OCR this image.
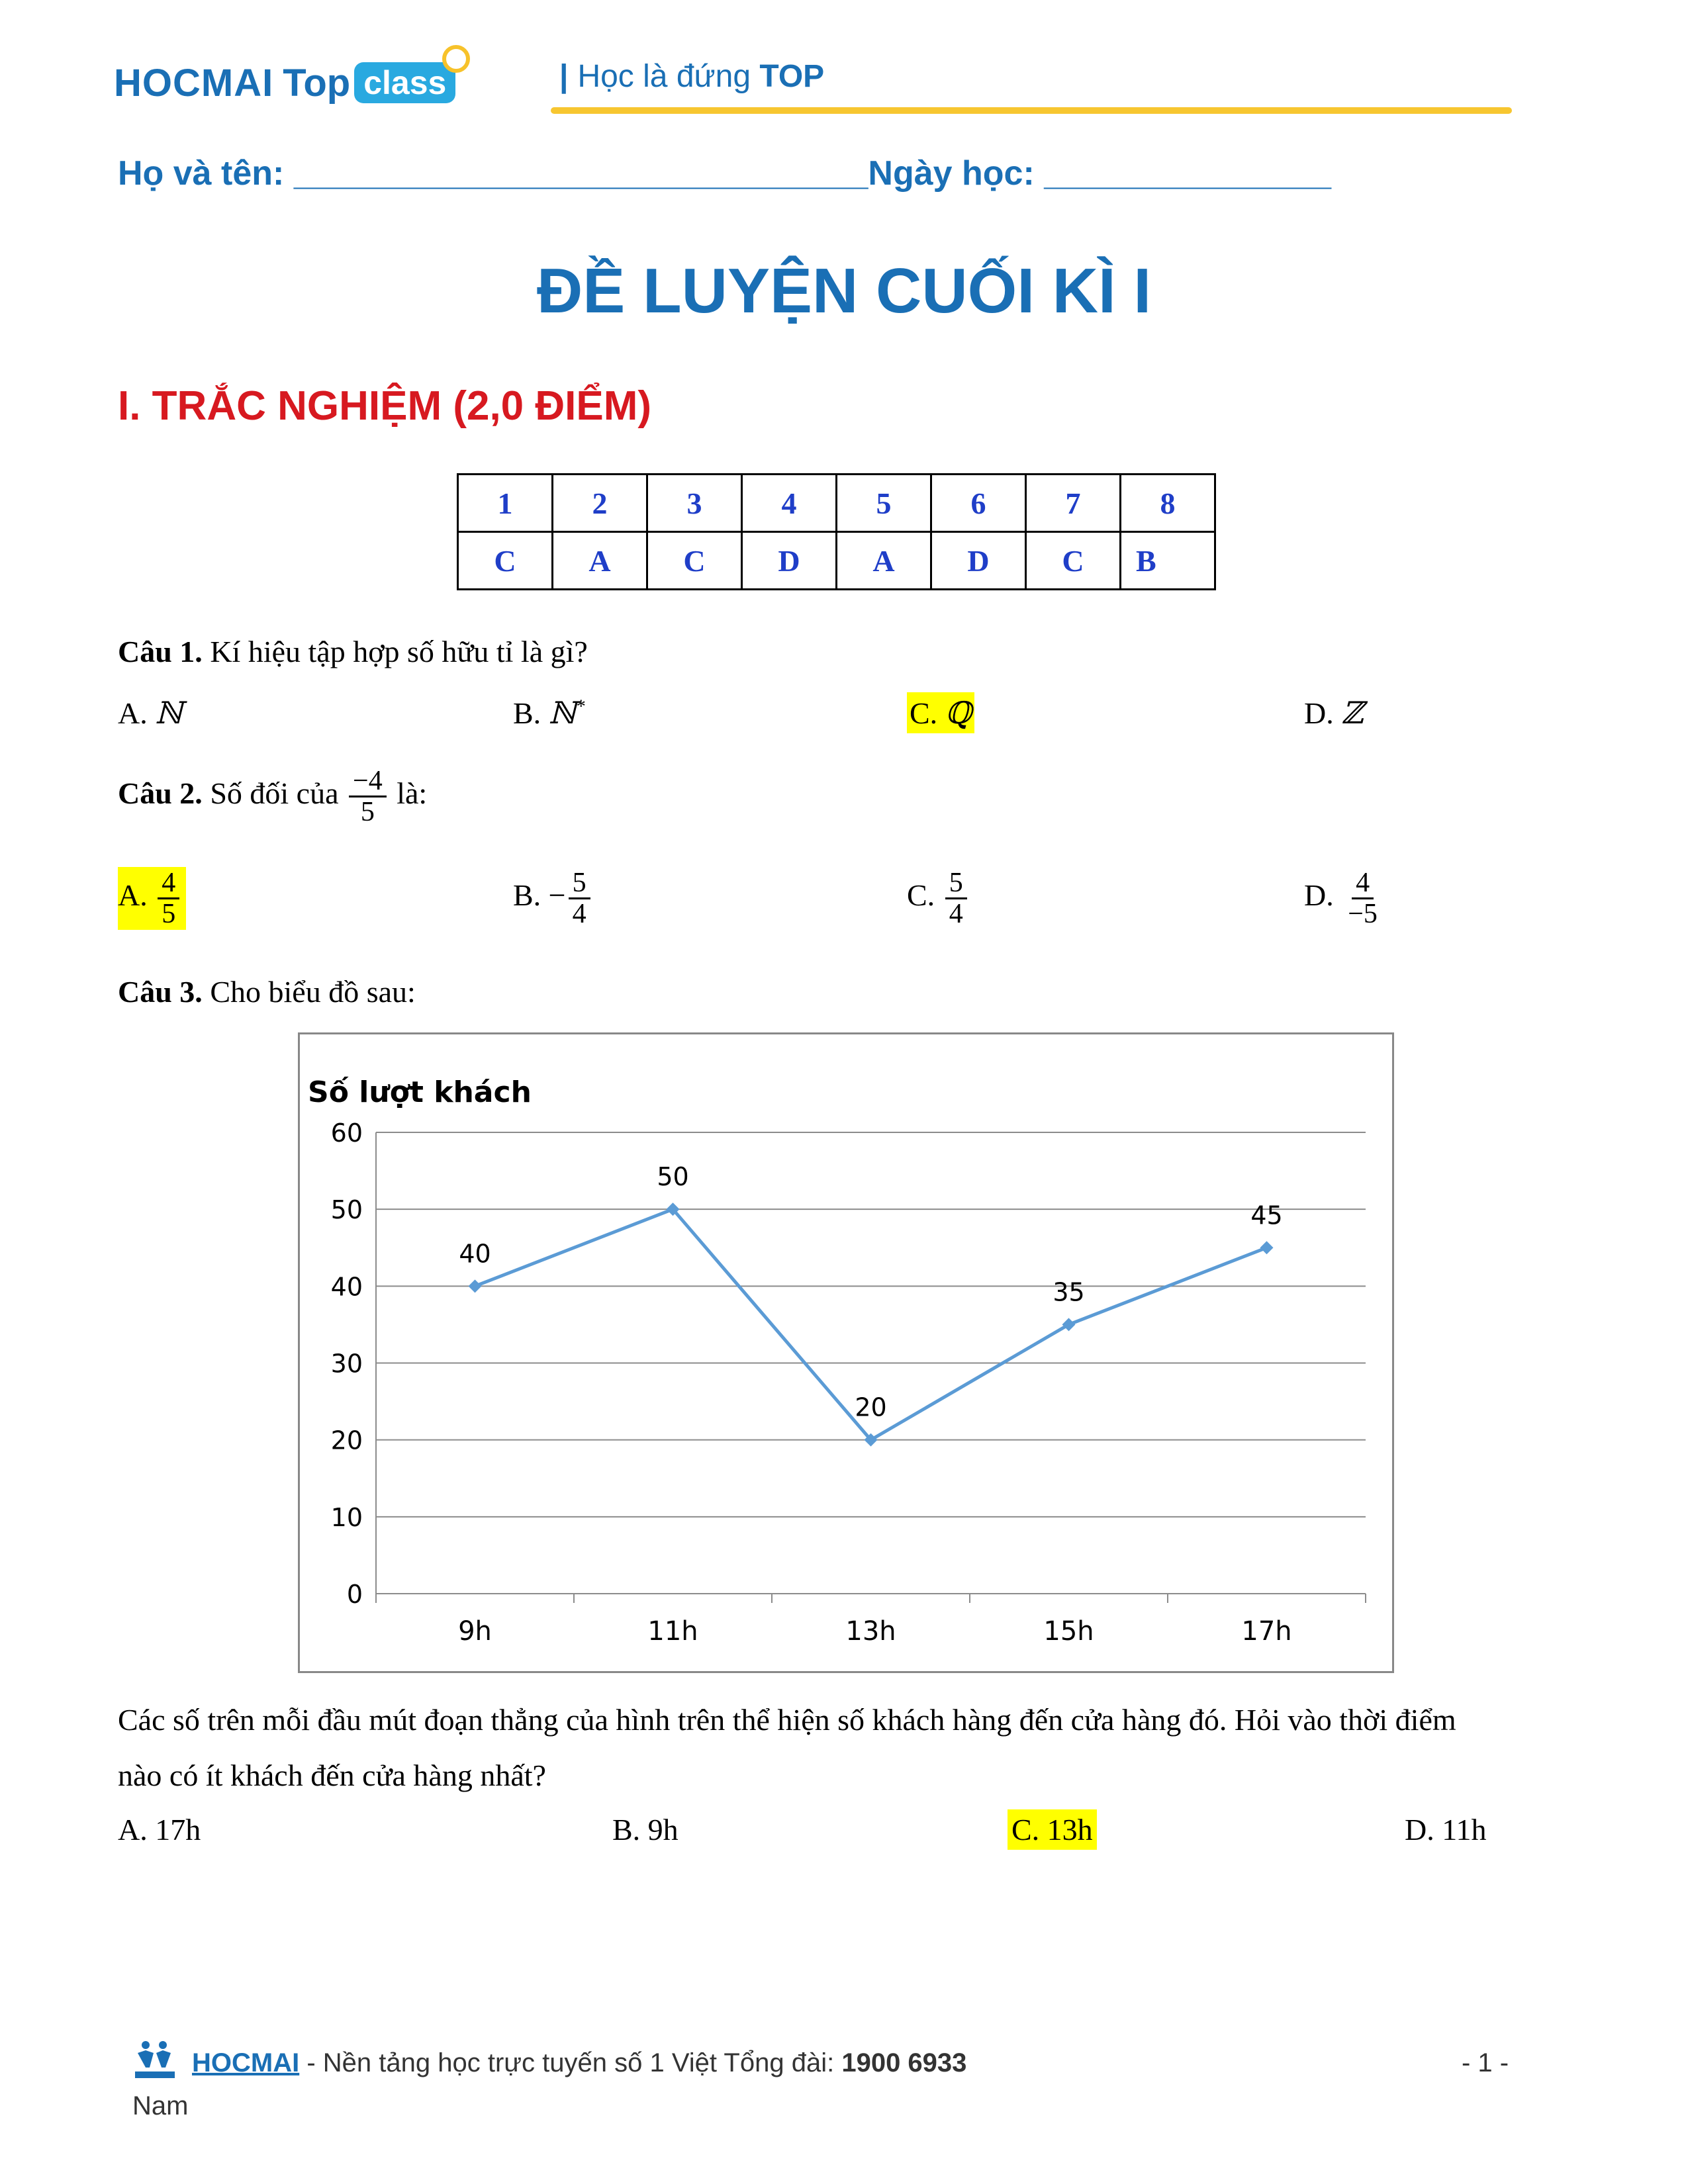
HOCMAI Top class	| Học là đứng TOP
Họ và tên: ______________________________Ngày học: _______________
ĐỀ LUYỆN CUỐI KÌ I
I. TRẮC NGHIỆM (2,0 ĐIỂM)
1	2	3	4	5	6	7	8
C	A	C	D	A	D	C	B
Câu 1. Kí hiệu tập hợp số hữu tỉ là gì?
A. ℕ	B. ℕ*	C. ℚ	D. ℤ
Câu 2. Số đối của $\frac{-4}{5}$ là:
A. $\frac{4}{5}$	B. − $\frac{5}{4}$	C. $\frac{5}{4}$	D. $\frac{4}{-5}$
Câu 3. Cho biểu đồ sau:
Số lượt khách
0
10
20
30
40
50
60
9h	11h	13h	15h	17h
40
50
20
35
45
Các số trên mỗi đầu mút đoạn thẳng của hình trên thể hiện số khách hàng đến cửa hàng đó. Hỏi vào thời điểm
nào có ít khách đến cửa hàng nhất?
A. 17h	B. 9h	C. 13h	D. 11h
HOCMAI - Nền tảng học trực tuyến số 1 Việt Tổng đài: 1900 6933	- 1 -
Nam
